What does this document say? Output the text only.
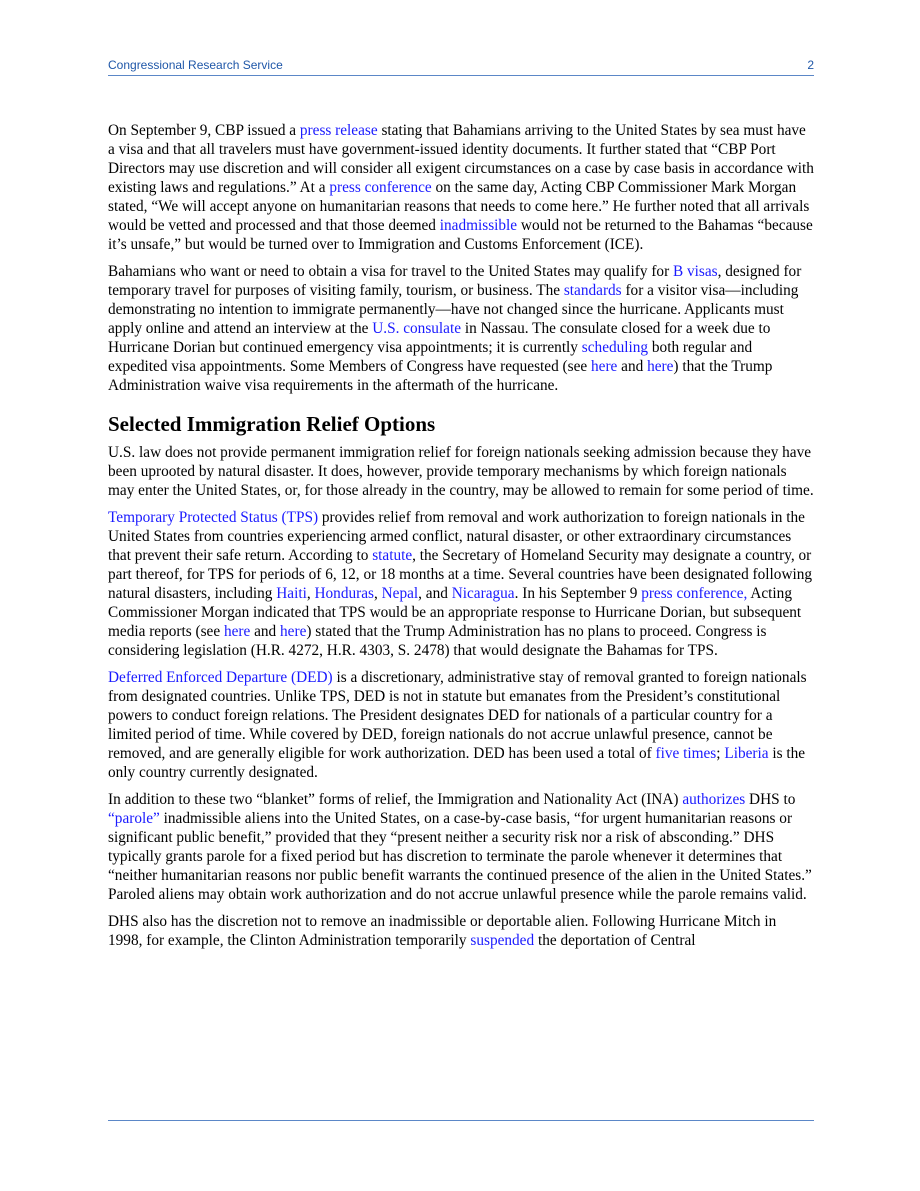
Congressional Research Service	2

On September 9, CBP issued a press release stating that Bahamians arriving to the United States by sea must have a visa and that all travelers must have government-issued identity documents. It further stated that “CBP Port Directors may use discretion and will consider all exigent circumstances on a case by case basis in accordance with existing laws and regulations.” At a press conference on the same day, Acting CBP Commissioner Mark Morgan stated, “We will accept anyone on humanitarian reasons that needs to come here.” He further noted that all arrivals would be vetted and processed and that those deemed inadmissible would not be returned to the Bahamas “because it’s unsafe,” but would be turned over to Immigration and Customs Enforcement (ICE).

Bahamians who want or need to obtain a visa for travel to the United States may qualify for B visas, designed for temporary travel for purposes of visiting family, tourism, or business. The standards for a visitor visa—including demonstrating no intention to immigrate permanently—have not changed since the hurricane. Applicants must apply online and attend an interview at the U.S. consulate in Nassau. The consulate closed for a week due to Hurricane Dorian but continued emergency visa appointments; it is currently scheduling both regular and expedited visa appointments. Some Members of Congress have requested (see here and here) that the Trump Administration waive visa requirements in the aftermath of the hurricane.

Selected Immigration Relief Options

U.S. law does not provide permanent immigration relief for foreign nationals seeking admission because they have been uprooted by natural disaster. It does, however, provide temporary mechanisms by which foreign nationals may enter the United States, or, for those already in the country, may be allowed to remain for some period of time.

Temporary Protected Status (TPS) provides relief from removal and work authorization to foreign nationals in the United States from countries experiencing armed conflict, natural disaster, or other extraordinary circumstances that prevent their safe return. According to statute, the Secretary of Homeland Security may designate a country, or part thereof, for TPS for periods of 6, 12, or 18 months at a time. Several countries have been designated following natural disasters, including Haiti, Honduras, Nepal, and Nicaragua. In his September 9 press conference, Acting Commissioner Morgan indicated that TPS would be an appropriate response to Hurricane Dorian, but subsequent media reports (see here and here) stated that the Trump Administration has no plans to proceed. Congress is considering legislation (H.R. 4272, H.R. 4303, S. 2478) that would designate the Bahamas for TPS.

Deferred Enforced Departure (DED) is a discretionary, administrative stay of removal granted to foreign nationals from designated countries. Unlike TPS, DED is not in statute but emanates from the President’s constitutional powers to conduct foreign relations. The President designates DED for nationals of a particular country for a limited period of time. While covered by DED, foreign nationals do not accrue unlawful presence, cannot be removed, and are generally eligible for work authorization. DED has been used a total of five times; Liberia is the only country currently designated.

In addition to these two “blanket” forms of relief, the Immigration and Nationality Act (INA) authorizes DHS to “parole” inadmissible aliens into the United States, on a case-by-case basis, “for urgent humanitarian reasons or significant public benefit,” provided that they “present neither a security risk nor a risk of absconding.” DHS typically grants parole for a fixed period but has discretion to terminate the parole whenever it determines that “neither humanitarian reasons nor public benefit warrants the continued presence of the alien in the United States.” Paroled aliens may obtain work authorization and do not accrue unlawful presence while the parole remains valid.

DHS also has the discretion not to remove an inadmissible or deportable alien. Following Hurricane Mitch in 1998, for example, the Clinton Administration temporarily suspended the deportation of Central
